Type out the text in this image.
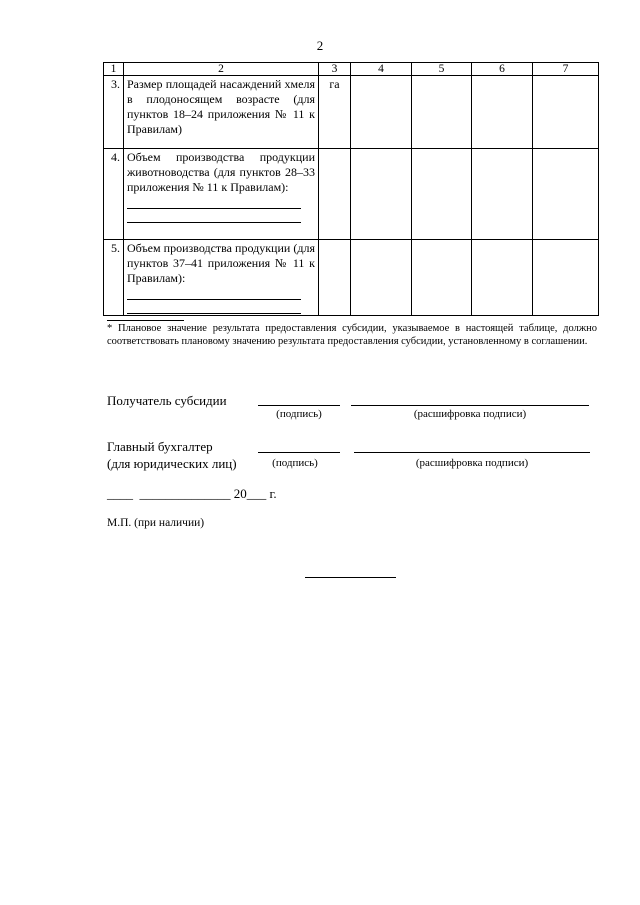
2
1	2	3	4	5	6	7
3.	Размер площадей насаждений хмеля в плодоносящем возрасте (для пунктов 18–24 приложения № 11 к Правилам)	га				
4.	Объем производства продукции животноводства (для пунктов 28–33 приложения № 11 к Правилам):					

5.	Объем производства продукции (для пунктов 37–41 приложения № 11 к Правилам):					

* Плановое значение результата предоставления субсидии, указываемое в настоящей таблице, должно соответствовать плановому значению результата предоставления субсидии, установленному в соглашении.
Получатель субсидии
(подпись)	(расшифровка подписи)
Главный бухгалтер
(для юридических лиц)	(подпись)	(расшифровка подписи)
____  ______________ 20___ г.
М.П. (при наличии)
